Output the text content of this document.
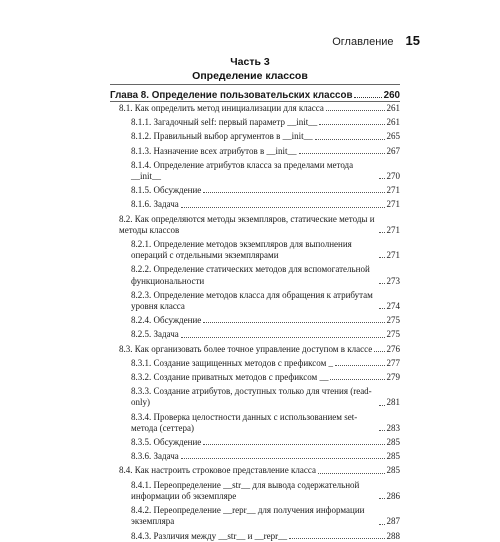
Оглавление 15
Часть 3
Определение классов
Глава 8. Определение пользовательских классов	260
8.1. Как определить метод инициализации для класса	261
8.1.1. Загадочный self: первый параметр __init__	261
8.1.2. Правильный выбор аргументов в __init__	265
8.1.3. Назначение всех атрибутов в __init__	267
8.1.4. Определение атрибутов класса за пределами метода __init__	270
8.1.5. Обсуждение	271
8.1.6. Задача	271
8.2. Как определяются методы экземпляров, статические методы и методы классов	271
8.2.1. Определение методов экземпляров для выполнения операций с отдельными экземплярами	271
8.2.2. Определение статических методов для вспомогательной функциональности	273
8.2.3. Определение методов класса для обращения к атрибутам уровня класса	274
8.2.4. Обсуждение	275
8.2.5. Задача	275
8.3. Как организовать более точное управление доступом в классе 276
8.3.1. Создание защищенных методов с префиксом _	277
8.3.2. Создание приватных методов с префиксом __	279
8.3.3. Создание атрибутов, доступных только для чтения (read-only)	281
8.3.4. Проверка целостности данных с использованием set-метода (сеттера)	283
8.3.5. Обсуждение	285
8.3.6. Задача	285
8.4. Как настроить строковое представление класса	285
8.4.1. Переопределение __str__ для вывода содержательной информации об экземпляре	286
8.4.2. Переопределение __repr__ для получения информации экземпляра	287
8.4.3. Различия между __str__ и __repr__	288
